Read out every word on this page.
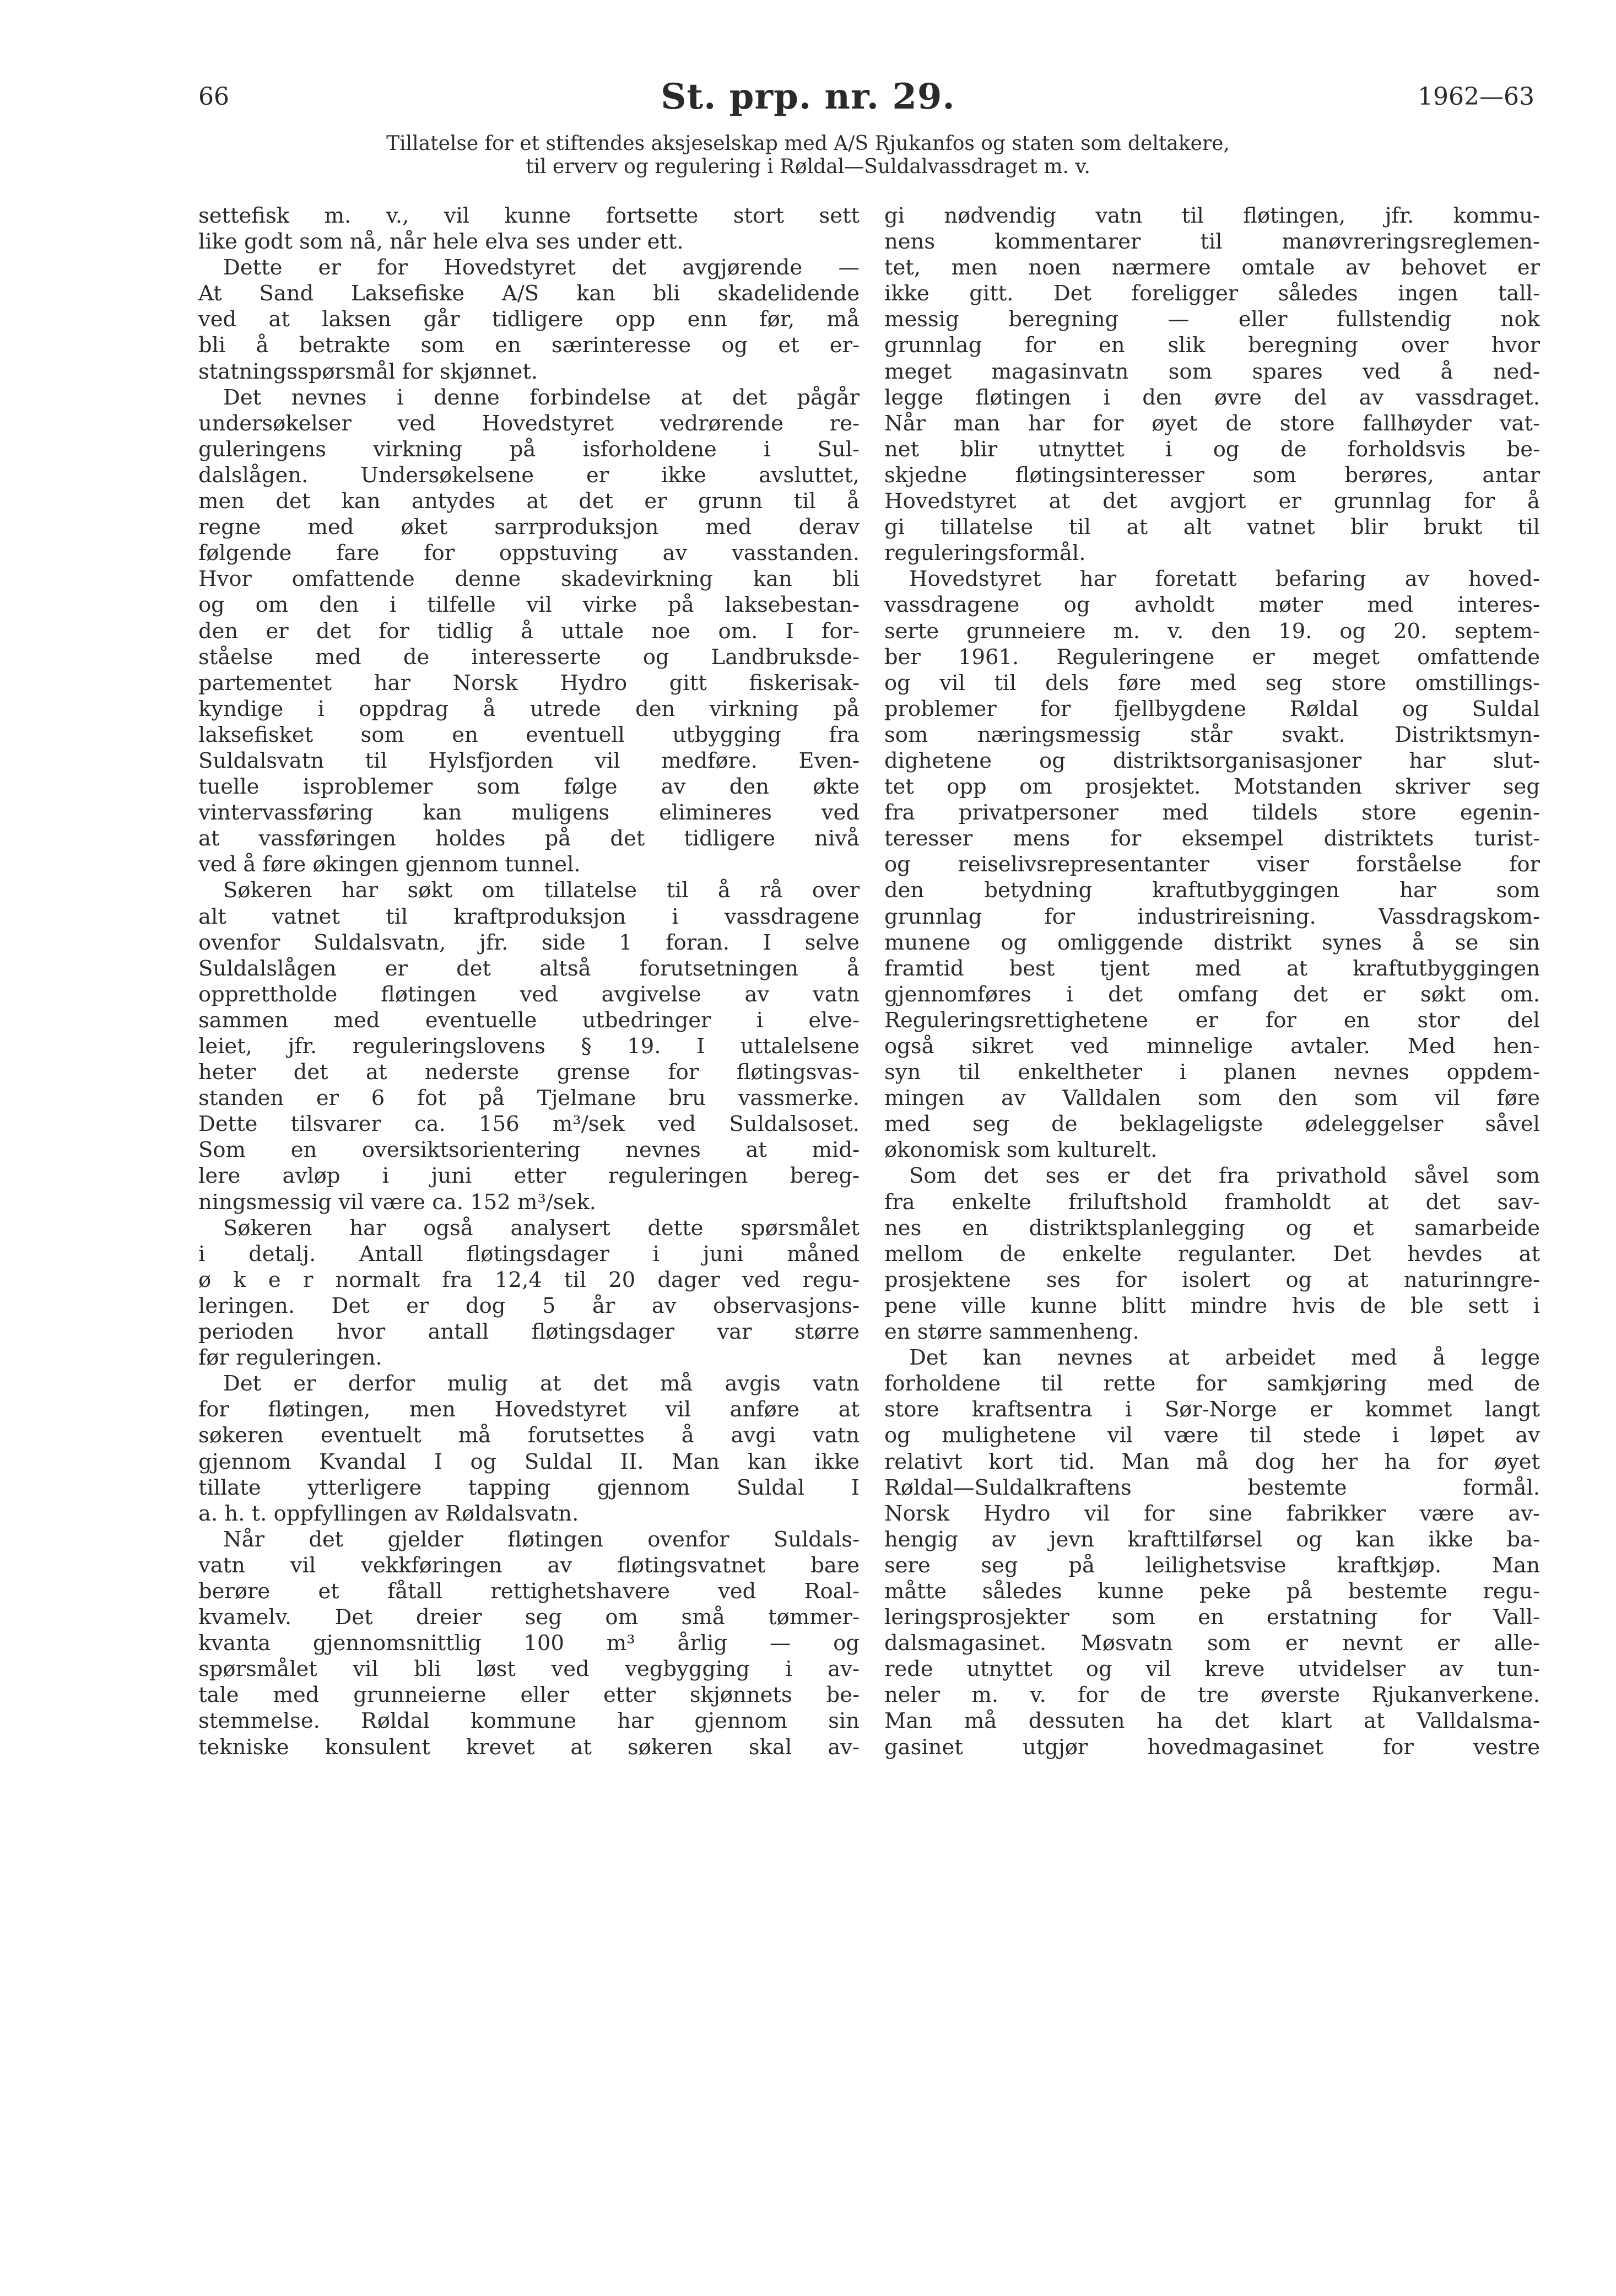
66	St. prp. nr. 29.	1962—63
Tillatelse for et stiftendes aksjeselskap med A/S Rjukanfos og staten som deltakere,
til erverv og regulering i Røldal—Suldalvassdraget m. v.
settefisk m. v., vil kunne fortsette stort sett
like godt som nå, når hele elva ses under ett.
Dette er for Hovedstyret det avgjørende —
At Sand Laksefiske A/S kan bli skadelidende
ved at laksen går tidligere opp enn før, må
bli å betrakte som en særinteresse og et er-
statningsspørsmål for skjønnet.
Det nevnes i denne forbindelse at det pågår
undersøkelser ved Hovedstyret vedrørende re-
guleringens virkning på isforholdene i Sul-
dalslågen. Undersøkelsene er ikke avsluttet,
men det kan antydes at det er grunn til å
regne med øket sarrproduksjon med derav
følgende fare for oppstuving av vasstanden.
Hvor omfattende denne skadevirkning kan bli
og om den i tilfelle vil virke på laksebestan-
den er det for tidlig å uttale noe om. I for-
ståelse med de interesserte og Landbruksde-
partementet har Norsk Hydro gitt fiskerisak-
kyndige i oppdrag å utrede den virkning på
laksefisket som en eventuell utbygging fra
Suldalsvatn til Hylsfjorden vil medføre. Even-
tuelle isproblemer som følge av den økte
vintervassføring kan muligens elimineres ved
at vassføringen holdes på det tidligere nivå
ved å føre økingen gjennom tunnel.
Søkeren har søkt om tillatelse til å rå over
alt vatnet til kraftproduksjon i vassdragene
ovenfor Suldalsvatn, jfr. side 1 foran. I selve
Suldalslågen er det altså forutsetningen å
opprettholde fløtingen ved avgivelse av vatn
sammen med eventuelle utbedringer i elve-
leiet, jfr. reguleringslovens § 19. I uttalelsene
heter det at nederste grense for fløtingsvas-
standen er 6 fot på Tjelmane bru vassmerke.
Dette tilsvarer ca. 156 m³/sek ved Suldalsoset.
Som en oversiktsorientering nevnes at mid-
lere avløp i juni etter reguleringen bereg-
ningsmessig vil være ca. 152 m³/sek.
Søkeren har også analysert dette spørsmålet
i detalj. Antall fløtingsdager i juni måned
ø k e r normalt fra 12,4 til 20 dager ved regu-
leringen. Det er dog 5 år av observasjons-
perioden hvor antall fløtingsdager var større
før reguleringen.
Det er derfor mulig at det må avgis vatn
for fløtingen, men Hovedstyret vil anføre at
søkeren eventuelt må forutsettes å avgi vatn
gjennom Kvandal I og Suldal II. Man kan ikke
tillate ytterligere tapping gjennom Suldal I
a. h. t. oppfyllingen av Røldalsvatn.
Når det gjelder fløtingen ovenfor Suldals-
vatn vil vekkføringen av fløtingsvatnet bare
berøre et fåtall rettighetshavere ved Roal-
kvamelv. Det dreier seg om små tømmer-
kvanta gjennomsnittlig 100 m³ årlig — og
spørsmålet vil bli løst ved vegbygging i av-
tale med grunneierne eller etter skjønnets be-
stemmelse. Røldal kommune har gjennom sin
tekniske konsulent krevet at søkeren skal av-
gi nødvendig vatn til fløtingen, jfr. kommu-
nens kommentarer til manøvreringsreglemen-
tet, men noen nærmere omtale av behovet er
ikke gitt. Det foreligger således ingen tall-
messig beregning — eller fullstendig nok
grunnlag for en slik beregning over hvor
meget magasinvatn som spares ved å ned-
legge fløtingen i den øvre del av vassdraget.
Når man har for øyet de store fallhøyder vat-
net blir utnyttet i og de forholdsvis be-
skjedne fløtingsinteresser som berøres, antar
Hovedstyret at det avgjort er grunnlag for å
gi tillatelse til at alt vatnet blir brukt til
reguleringsformål.
Hovedstyret har foretatt befaring av hoved-
vassdragene og avholdt møter med interes-
serte grunneiere m. v. den 19. og 20. septem-
ber 1961. Reguleringene er meget omfattende
og vil til dels føre med seg store omstillings-
problemer for fjellbygdene Røldal og Suldal
som næringsmessig står svakt. Distriktsmyn-
dighetene og distriktsorganisasjoner har slut-
tet opp om prosjektet. Motstanden skriver seg
fra privatpersoner med tildels store egenin-
teresser mens for eksempel distriktets turist-
og reiselivsrepresentanter viser forståelse for
den betydning kraftutbyggingen har som
grunnlag for industrireisning. Vassdragskom-
munene og omliggende distrikt synes å se sin
framtid best tjent med at kraftutbyggingen
gjennomføres i det omfang det er søkt om.
Reguleringsrettighetene er for en stor del
også sikret ved minnelige avtaler. Med hen-
syn til enkeltheter i planen nevnes oppdem-
mingen av Valldalen som den som vil føre
med seg de beklageligste ødeleggelser såvel
økonomisk som kulturelt.
Som det ses er det fra privathold såvel som
fra enkelte friluftshold framholdt at det sav-
nes en distriktsplanlegging og et samarbeide
mellom de enkelte regulanter. Det hevdes at
prosjektene ses for isolert og at naturinngre-
pene ville kunne blitt mindre hvis de ble sett i
en større sammenheng.
Det kan nevnes at arbeidet med å legge
forholdene til rette for samkjøring med de
store kraftsentra i Sør-Norge er kommet langt
og mulighetene vil være til stede i løpet av
relativt kort tid. Man må dog her ha for øyet
Røldal—Suldalkraftens bestemte formål.
Norsk Hydro vil for sine fabrikker være av-
hengig av jevn krafttilførsel og kan ikke ba-
sere seg på leilighetsvise kraftkjøp. Man
måtte således kunne peke på bestemte regu-
leringsprosjekter som en erstatning for Vall-
dalsmagasinet. Møsvatn som er nevnt er alle-
rede utnyttet og vil kreve utvidelser av tun-
neler m. v. for de tre øverste Rjukanverkene.
Man må dessuten ha det klart at Valldalsma-
gasinet utgjør hovedmagasinet for vestre
